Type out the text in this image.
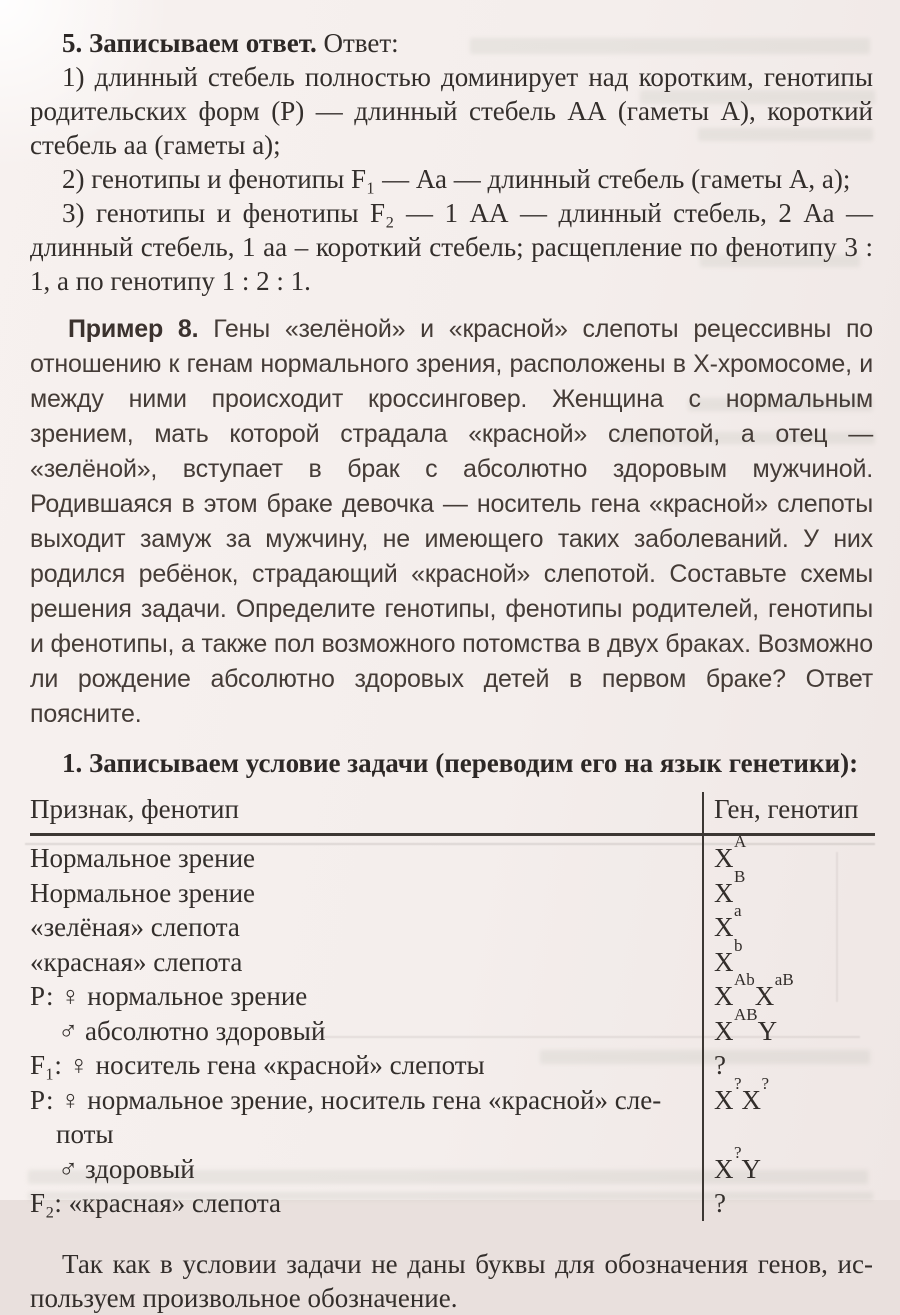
5. Записываем ответ. Ответ:

1) длинный стебель полностью доминирует над коротким, генотипы родительских форм (Р) — длинный стебель АА (гаметы А), короткий стебель аа (гаметы а);

2) генотипы и фенотипы F₁ — Аа — длинный стебель (гаметы А, а);

3) генотипы и фенотипы F₂ — 1 АА — длинный стебель, 2 Аа — длинный стебель, 1 аа – короткий стебель; расщепление по фенотипу 3 : 1, а по генотипу 1 : 2 : 1.

Пример 8. Гены «зелёной» и «красной» слепоты рецессивны по отношению к генам нормального зрения, расположены в Х-хромосоме, и между ними происходит кроссинговер. Женщина с нормальным зрением, мать которой страдала «красной» слепотой, а отец — «зелёной», вступает в брак с абсолютно здоровым мужчиной. Родившаяся в этом браке девочка — носитель гена «красной» слепоты выходит замуж за мужчину, не имеющего таких заболеваний. У них родился ребёнок, страдающий «красной» слепотой. Составьте схемы решения задачи. Определите генотипы, фенотипы родителей, генотипы и фенотипы, а также пол возможного потомства в двух браках. Возможно ли рождение абсолютно здоровых детей в первом браке? Ответ поясните.

1. Записываем условие задачи (переводим его на язык генетики):
Признак, фенотип	Ген, генотип
Нормальное зрение	$X^A$
Нормальное зрение	$X^B$
«зелёная» слепота	$X^a$
«красная» слепота	$X^b$
Р: ♀ нормальное зрение	$X^{Ab}X^{aB}$
♂ абсолютно здоровый	$X^{AB}Y$
F₁: ♀ носитель гена «красной» слепоты	?
Р: ♀ нормальное зрение, носитель гена «красной» слепоты	X?X?
♂ здоровый	X?Y
F₂: «красная» слепота	?

Так как в условии задачи не даны буквы для обозначения генов, используем произвольное обозначение.
